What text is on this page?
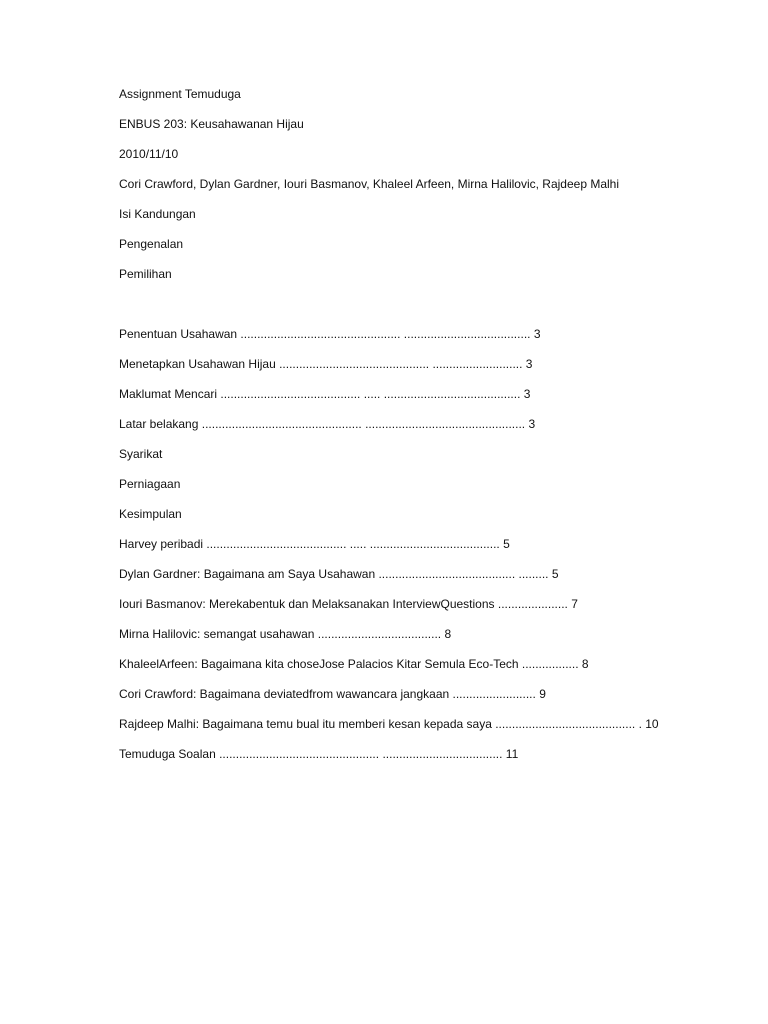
Assignment Temuduga

ENBUS 203: Keusahawanan Hijau

2010/11/10

Cori Crawford, Dylan Gardner, Iouri Basmanov, Khaleel Arfeen, Mirna Halilovic, Rajdeep Malhi

Isi Kandungan

Pengenalan

Pemilihan

Penentuan Usahawan ................................................ ...................................... 3

Menetapkan Usahawan Hijau ............................................. ........................... 3

Maklumat Mencari .......................................... ..... ......................................... 3

Latar belakang ................................................ ................................................ 3

Syarikat

Perniagaan

Kesimpulan

Harvey peribadi .......................................... ..... ....................................... 5

Dylan Gardner: Bagaimana am Saya Usahawan ......................................... ......... 5

Iouri Basmanov: Merekabentuk dan Melaksanakan InterviewQuestions ..................... 7

Mirna Halilovic: semangat usahawan ..................................... 8

KhaleelArfeen: Bagaimana kita choseJose Palacios Kitar Semula Eco-Tech ................. 8

Cori Crawford: Bagaimana deviatedfrom wawancara jangkaan ......................... 9

Rajdeep Malhi: Bagaimana temu bual itu memberi kesan kepada saya .......................................... . 10

Temuduga Soalan ................................................ .................................... 11
